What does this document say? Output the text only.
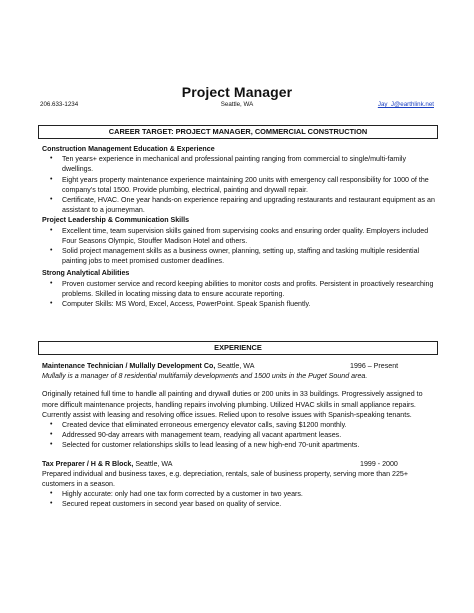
Project Manager
206.633-1234	Seattle, WA	Jay_J@earthlink.net
CAREER TARGET: PROJECT MANAGER, COMMERCIAL CONSTRUCTION
Construction Management Education & Experience
• Ten years+ experience in mechanical and professional painting ranging from commercial to single/multi-family dwellings.
• Eight years property maintenance experience maintaining 200 units with emergency call responsibility for 1000 of the company’s total 1500. Provide plumbing, electrical, painting and drywall repair.
• Certificate, HVAC. One year hands-on experience repairing and upgrading restaurants and restaurant equipment as an assistant to a journeyman.
Project Leadership & Communication Skills
• Excellent time, team supervision skills gained from supervising cooks and ensuring order quality. Employers included Four Seasons Olympic, Stouffer Madison Hotel and others.
• Solid project management skills as a business owner, planning, setting up, staffing and tasking multiple residential painting jobs to meet promised customer deadlines.
Strong Analytical Abilities
• Proven customer service and record keeping abilities to monitor costs and profits. Persistent in proactively researching problems. Skilled in locating missing data to ensure accurate reporting.
• Computer Skills: MS Word, Excel, Access, PowerPoint. Speak Spanish fluently.
EXPERIENCE
Maintenance Technician / Mullally Development Co, Seattle, WA	1996 – Present
Mullally is a manager of 8 residential multifamily developments and 1500 units in the Puget Sound area.

Originally retained full time to handle all painting and drywall duties or 200 units in 33 buildings. Progressively assigned to more difficult maintenance projects, handling repairs involving plumbing. Utilized HVAC skills in small appliance repairs. Currently assist with leasing and resolving office issues. Relied upon to resolve issues with Spanish-speaking tenants.

• Created device that eliminated erroneous emergency elevator calls, saving $1200 monthly.
• Addressed 90-day arrears with management team, readying all vacant apartment leases.
• Selected for customer relationships skills to lead leasing of a new high-end 70-unit apartments.
Tax Preparer / H & R Block, Seattle, WA	1999 - 2000

Prepared individual and business taxes, e.g. depreciation, rentals, sale of business property, serving more than 225+ customers in a season.

• Highly accurate: only had one tax form corrected by a customer in two years.
• Secured repeat customers in second year based on quality of service.
